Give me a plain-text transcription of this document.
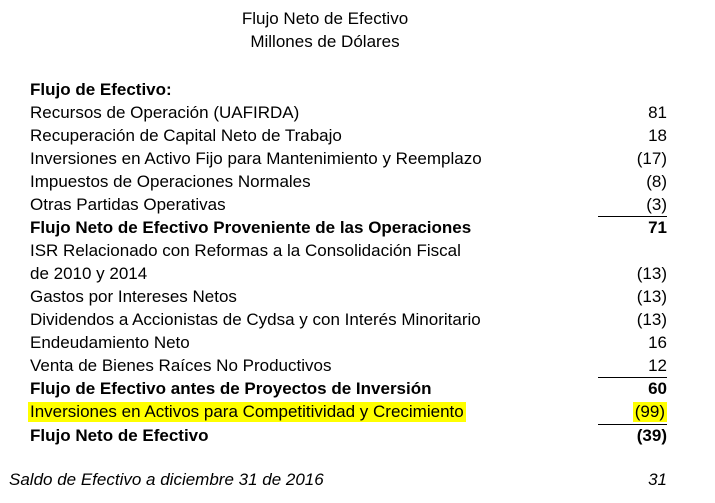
Flujo Neto de Efectivo
Millones de Dólares
Flujo de Efectivo:
Recursos de Operación (UAFIRDA)	81
Recuperación de Capital Neto de Trabajo	18
Inversiones en Activo Fijo para Mantenimiento y Reemplazo	(17)
Impuestos de Operaciones Normales	(8)
Otras Partidas Operativas	(3)
Flujo Neto de Efectivo Proveniente de las Operaciones	71
ISR Relacionado con Reformas a la Consolidación Fiscal
de 2010 y 2014	(13)
Gastos por Intereses Netos	(13)
Dividendos a Accionistas de Cydsa y con Interés Minoritario	(13)
Endeudamiento Neto	16
Venta de Bienes Raíces No Productivos	12
Flujo de Efectivo antes de Proyectos de Inversión	60
Inversiones en Activos para Competitividad y Crecimiento	(99)
Flujo Neto de Efectivo	(39)
Saldo de Efectivo a diciembre 31 de 2016	31
